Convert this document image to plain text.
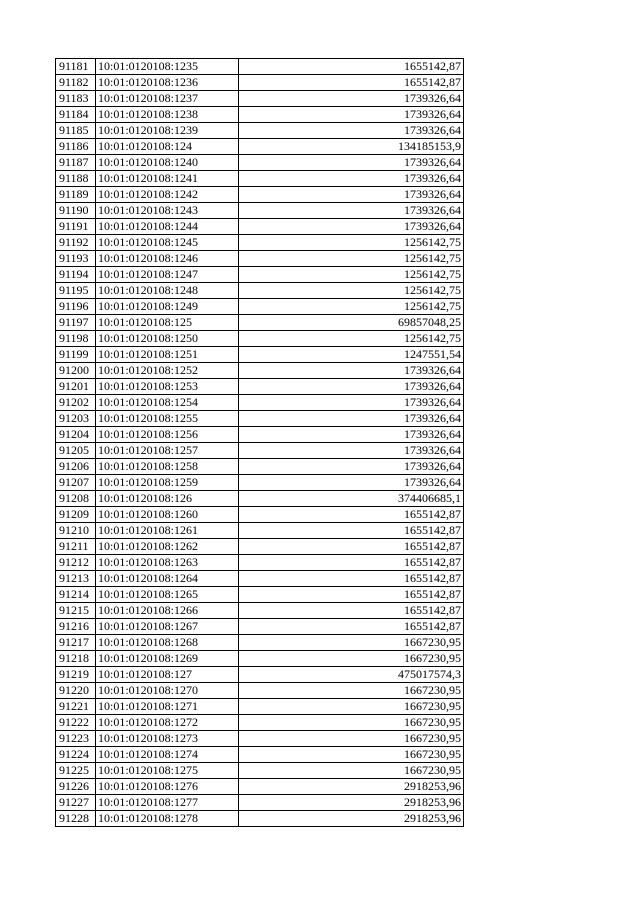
91181	10:01:0120108:1235	1655142,87
91182	10:01:0120108:1236	1655142,87
91183	10:01:0120108:1237	1739326,64
91184	10:01:0120108:1238	1739326,64
91185	10:01:0120108:1239	1739326,64
91186	10:01:0120108:124	134185153,9
91187	10:01:0120108:1240	1739326,64
91188	10:01:0120108:1241	1739326,64
91189	10:01:0120108:1242	1739326,64
91190	10:01:0120108:1243	1739326,64
91191	10:01:0120108:1244	1739326,64
91192	10:01:0120108:1245	1256142,75
91193	10:01:0120108:1246	1256142,75
91194	10:01:0120108:1247	1256142,75
91195	10:01:0120108:1248	1256142,75
91196	10:01:0120108:1249	1256142,75
91197	10:01:0120108:125	69857048,25
91198	10:01:0120108:1250	1256142,75
91199	10:01:0120108:1251	1247551,54
91200	10:01:0120108:1252	1739326,64
91201	10:01:0120108:1253	1739326,64
91202	10:01:0120108:1254	1739326,64
91203	10:01:0120108:1255	1739326,64
91204	10:01:0120108:1256	1739326,64
91205	10:01:0120108:1257	1739326,64
91206	10:01:0120108:1258	1739326,64
91207	10:01:0120108:1259	1739326,64
91208	10:01:0120108:126	374406685,1
91209	10:01:0120108:1260	1655142,87
91210	10:01:0120108:1261	1655142,87
91211	10:01:0120108:1262	1655142,87
91212	10:01:0120108:1263	1655142,87
91213	10:01:0120108:1264	1655142,87
91214	10:01:0120108:1265	1655142,87
91215	10:01:0120108:1266	1655142,87
91216	10:01:0120108:1267	1655142,87
91217	10:01:0120108:1268	1667230,95
91218	10:01:0120108:1269	1667230,95
91219	10:01:0120108:127	475017574,3
91220	10:01:0120108:1270	1667230,95
91221	10:01:0120108:1271	1667230,95
91222	10:01:0120108:1272	1667230,95
91223	10:01:0120108:1273	1667230,95
91224	10:01:0120108:1274	1667230,95
91225	10:01:0120108:1275	1667230,95
91226	10:01:0120108:1276	2918253,96
91227	10:01:0120108:1277	2918253,96
91228	10:01:0120108:1278	2918253,96
